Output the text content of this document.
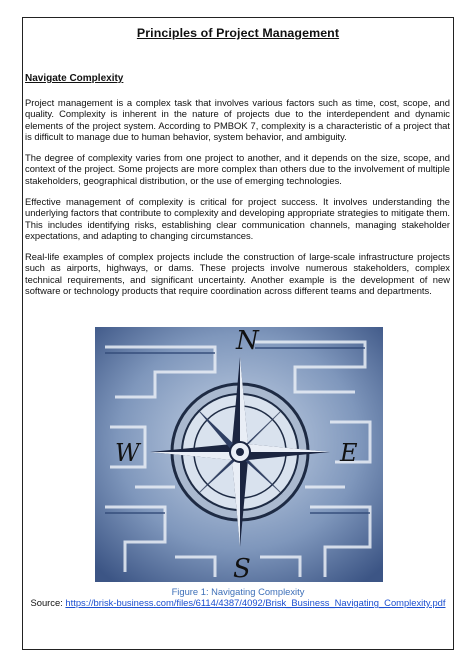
Principles of Project Management
Navigate Complexity

Project management is a complex task that involves various factors such as time, cost, scope, and quality. Complexity is inherent in the nature of projects due to the interdependent and dynamic elements of the project system. According to PMBOK 7, complexity is a characteristic of a project that is difficult to manage due to human behavior, system behavior, and ambiguity.

The degree of complexity varies from one project to another, and it depends on the size, scope, and context of the project. Some projects are more complex than others due to the involvement of multiple stakeholders, geographical distribution, or the use of emerging technologies.

Effective management of complexity is critical for project success. It involves understanding the underlying factors that contribute to complexity and developing appropriate strategies to mitigate them. This includes identifying risks, establishing clear communication channels, managing stakeholder expectations, and adapting to changing circumstances.

Real-life examples of complex projects include the construction of large-scale infrastructure projects such as airports, highways, or dams. These projects involve numerous stakeholders, complex technical requirements, and significant uncertainty. Another example is the development of new software or technology products that require coordination across different teams and departments.

N
E
S
W
Figure 1: Navigating Complexity
Source: https://brisk-business.com/files/6114/4387/4092/Brisk_Business_Navigating_Complexity.pdf
